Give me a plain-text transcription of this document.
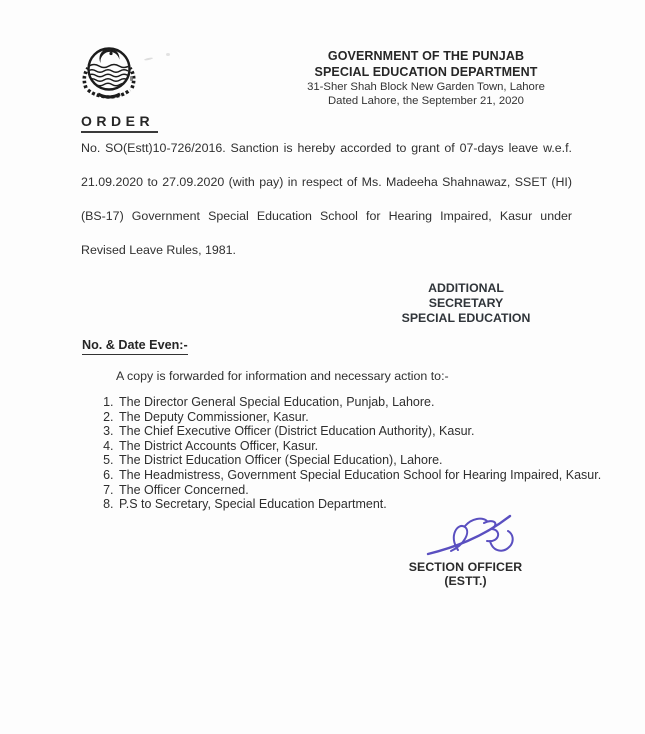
GOVERNMENT OF THE PUNJAB
SPECIAL EDUCATION DEPARTMENT
31-Sher Shah Block New Garden Town, Lahore
Dated Lahore, the September 21, 2020
ORDER
No. SO(Estt)10-726/2016. Sanction is hereby accorded to grant of 07-days leave w.e.f. 21.09.2020 to 27.09.2020 (with pay) in respect of Ms. Madeeha Shahnawaz, SSET (HI) (BS-17) Government Special Education School for Hearing Impaired, Kasur under Revised Leave Rules, 1981.
ADDITIONAL SECRETARY
SPECIAL EDUCATION
No. & Date Even:-
A copy is forwarded for information and necessary action to:-
1. The Director General Special Education, Punjab, Lahore.
2. The Deputy Commissioner, Kasur.
3. The Chief Executive Officer (District Education Authority), Kasur.
4. The District Accounts Officer, Kasur.
5. The District Education Officer (Special Education), Lahore.
6. The Headmistress, Government Special Education School for Hearing Impaired, Kasur.
7. The Officer Concerned.
8. P.S to Secretary, Special Education Department.
SECTION OFFICER (ESTT.)
